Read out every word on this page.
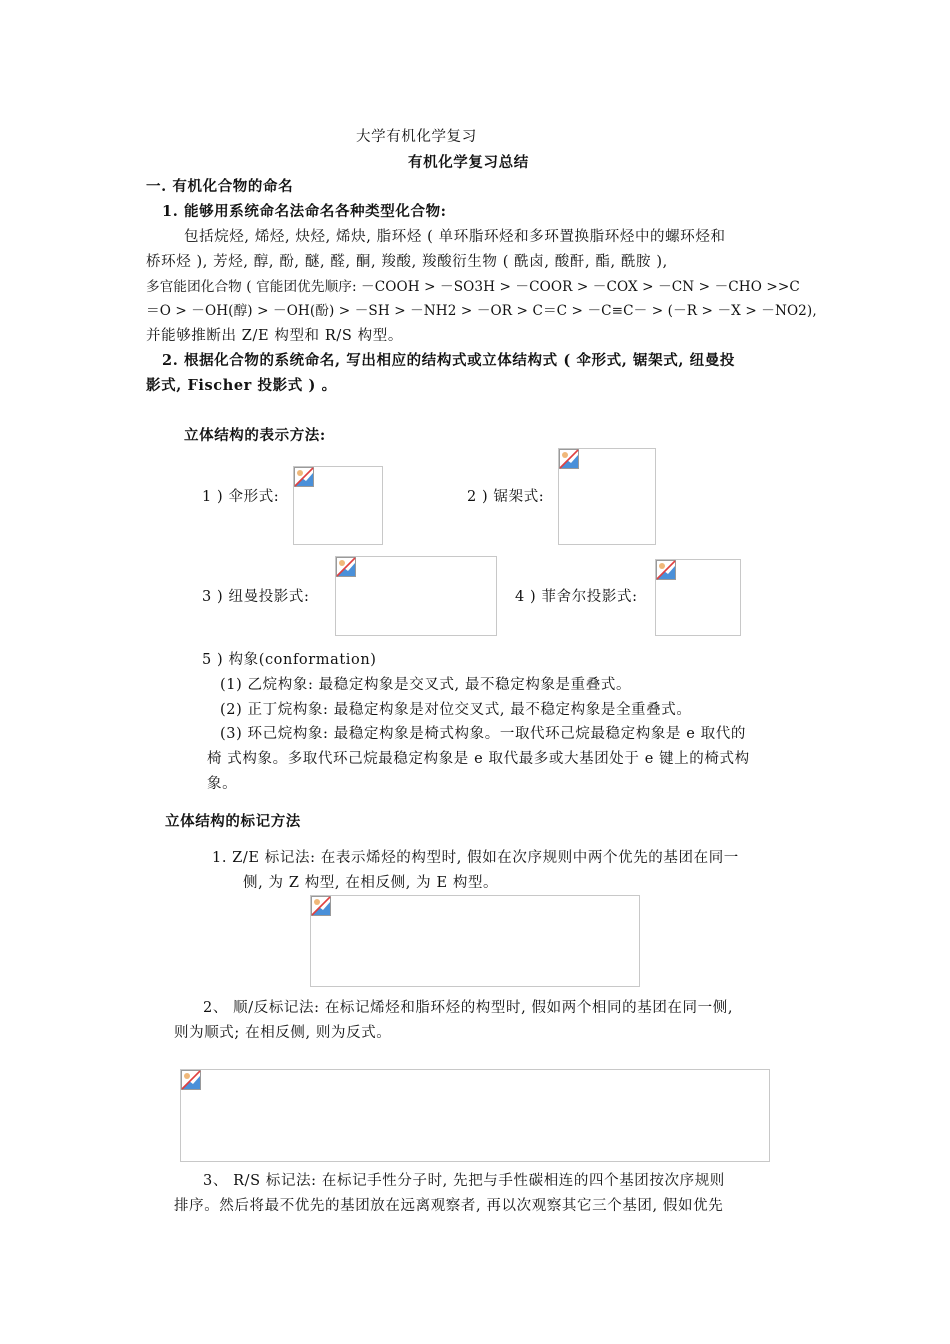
大学有机化学复习
有机化学复习总结
一. 有机化合物的命名
1. 能够用系统命名法命名各种类型化合物:
包括烷烃, 烯烃, 炔烃, 烯炔, 脂环烃 ( 单环脂环烃和多环置换脂环烃中的螺环烃和
桥环烃 ), 芳烃, 醇, 酚, 醚, 醛, 酮, 羧酸, 羧酸衍生物 ( 酰卤, 酸酐, 酯, 酰胺 ),
多官能团化合物 ( 官能团优先顺序: －COOH > －SO3H > －COOR > －COX > －CN > －CHO >>C
＝O > －OH(醇) > －OH(酚) > －SH > －NH2 > －OR > C＝C > －C≡C－ > (－R > －X > －NO2),
并能够推断出 Z/E 构型和 R/S 构型。
2. 根据化合物的系统命名, 写出相应的结构式或立体结构式 ( 伞形式, 锯架式, 纽曼投
影式, Fischer 投影式 ) 。
立体结构的表示方法:
1 ) 伞形式:	2 ) 锯架式:
3 ) 纽曼投影式:	4 ) 菲舍尔投影式:
5 ) 构象(conformation)
(1) 乙烷构象: 最稳定构象是交叉式, 最不稳定构象是重叠式。
(2) 正丁烷构象: 最稳定构象是对位交叉式, 最不稳定构象是全重叠式。
(3) 环己烷构象: 最稳定构象是椅式构象。一取代环己烷最稳定构象是 e 取代的
椅 式构象。多取代环己烷最稳定构象是 e 取代最多或大基团处于 e 键上的椅式构
象。
立体结构的标记方法
1. Z/E 标记法: 在表示烯烃的构型时, 假如在次序规则中两个优先的基团在同一
侧, 为 Z 构型, 在相反侧, 为 E 构型。
2、 顺/反标记法: 在标记烯烃和脂环烃的构型时, 假如两个相同的基团在同一侧,
则为顺式; 在相反侧, 则为反式。
3、 R/S 标记法: 在标记手性分子时, 先把与手性碳相连的四个基团按次序规则
排序。然后将最不优先的基团放在远离观察者, 再以次观察其它三个基团, 假如优先
